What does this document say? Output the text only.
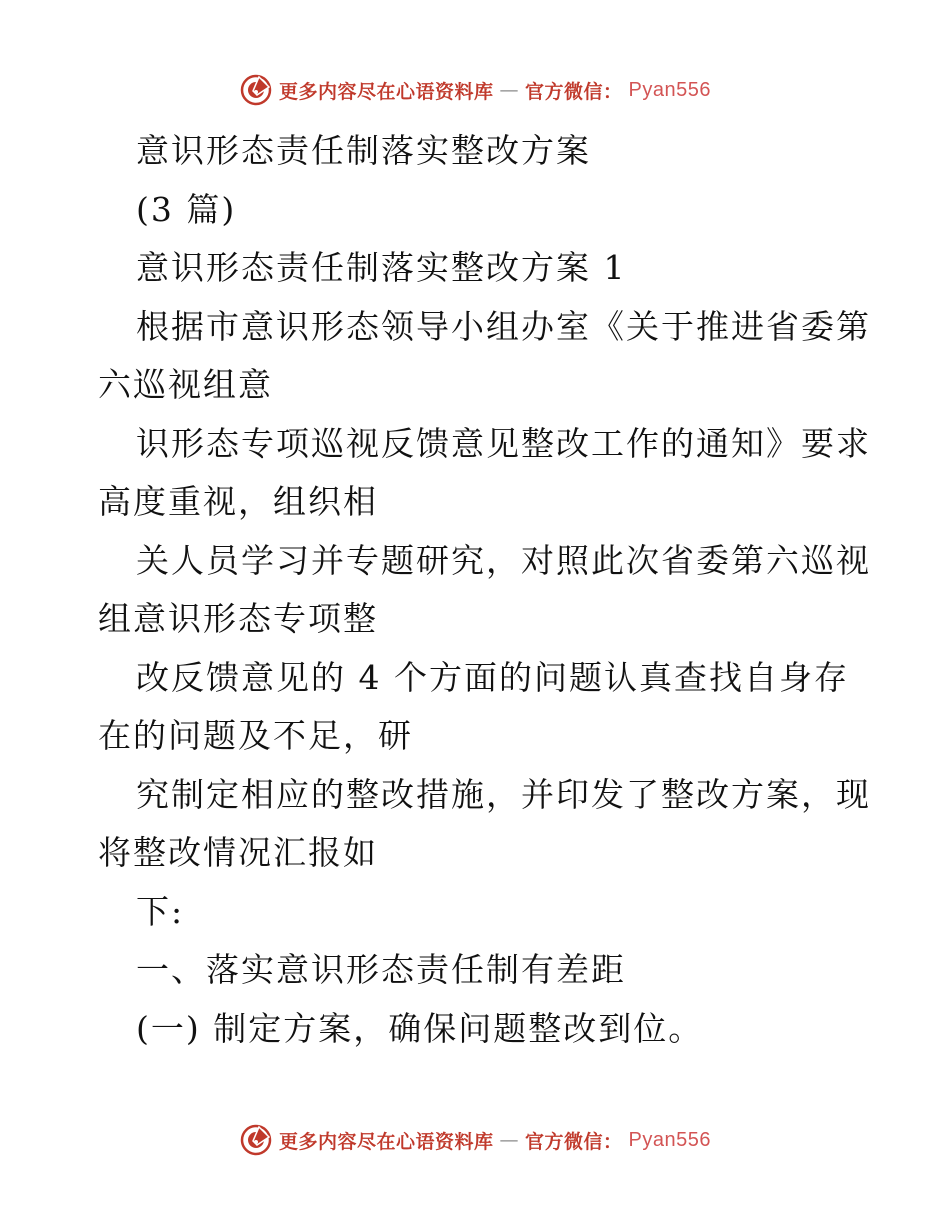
更多内容尽在心语资料库 — 官方微信： Pyan556
意识形态责任制落实整改方案
(3 篇)
意识形态责任制落实整改方案 1
根据市意识形态领导小组办室《关于推进省委第
六巡视组意
识形态专项巡视反馈意见整改工作的通知》要求
高度重视，组织相
关人员学习并专题研究，对照此次省委第六巡视
组意识形态专项整
改反馈意见的 4 个方面的问题认真查找自身存
在的问题及不足，研
究制定相应的整改措施，并印发了整改方案，现
将整改情况汇报如
下:
一、落实意识形态责任制有差距
(一) 制定方案，确保问题整改到位。
更多内容尽在心语资料库 — 官方微信： Pyan556
